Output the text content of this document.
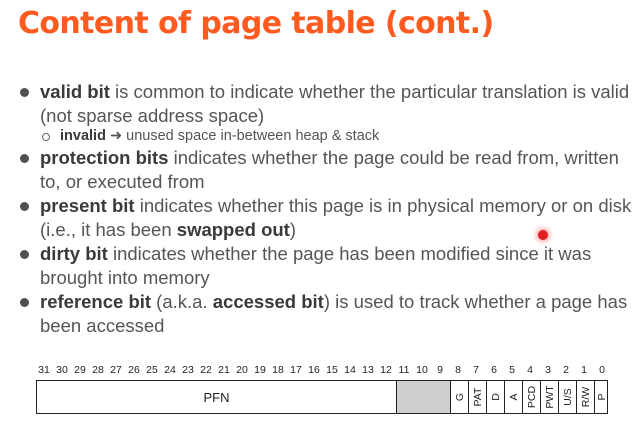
Content of page table (cont.)
valid bit is common to indicate whether the particular translation is valid (not sparse address space)
invalid ➜ unused space in-between heap & stack
protection bits indicates whether the page could be read from, written to, or executed from
present bit indicates whether this page is in physical memory or on disk (i.e., it has been swapped out)
dirty bit indicates whether the page has been modified since it was brought into memory
reference bit (a.k.a. accessed bit) is used to track whether a page has been accessed
31 30 29 28 27 26 25 24 23 22 21 20 19 18 17 16 15 14 13 12 11 10 9 8 7 6 5 4 3 2 1 0
PFN	G PAT D A PCD PWT U/S R/W P
